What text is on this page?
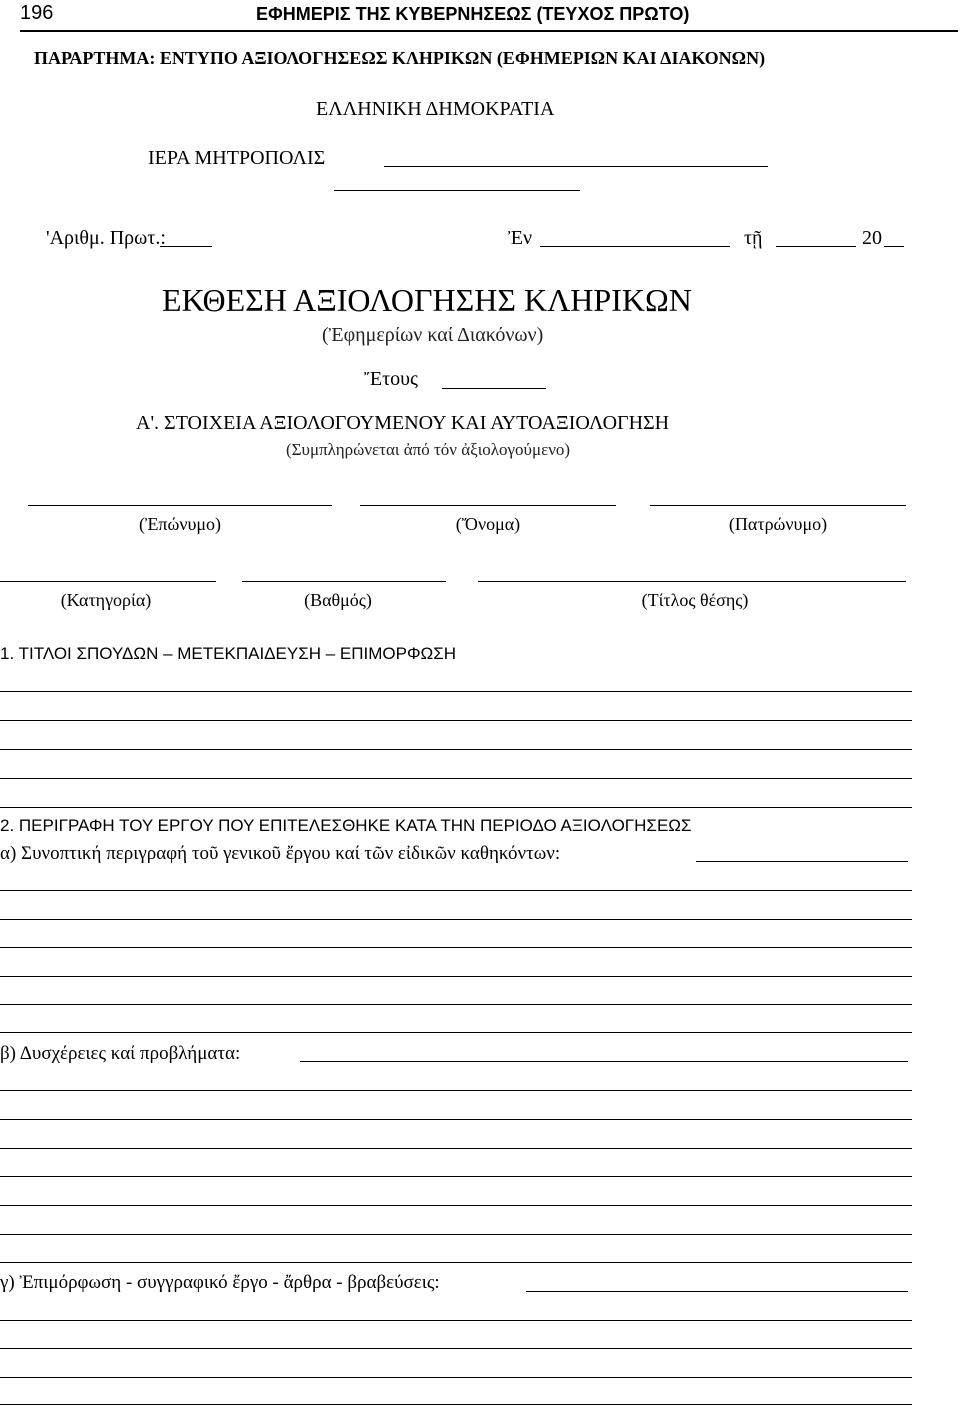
196	ΕΦΗΜΕΡΙΣ ΤΗΣ ΚΥΒΕΡΝΗΣΕΩΣ (ΤΕΥΧΟΣ ΠΡΩΤΟ)
ΠΑΡΑΡΤΗΜΑ: ΕΝΤΥΠΟ ΑΞΙΟΛΟΓΗΣΕΩΣ ΚΛΗΡΙΚΩΝ (ΕΦΗΜΕΡΙΩΝ ΚΑΙ ΔΙΑΚΟΝΩΝ)
ΕΛΛΗΝΙΚΗ ΔΗΜΟΚΡΑΤΙΑ
ΙΕΡΑ ΜΗΤΡΟΠΟΛΙΣ
'Αριθμ. Πρωτ.:	Ἐν	τῇ	20
ΕΚΘΕΣΗ ΑΞΙΟΛΟΓΗΣΗΣ ΚΛΗΡΙΚΩΝ
(Ἐφημερίων καί Διακόνων)
Ἔτους
Α'. ΣΤΟΙΧΕΙΑ ΑΞΙΟΛΟΓΟΥΜΕΝΟΥ ΚΑΙ ΑΥΤΟΑΞΙΟΛΟΓΗΣΗ
(Συμπληρώνεται ἀπό τόν ἀξιολογούμενο)
(Ἐπώνυμο)	(Ὄνομα)	(Πατρώνυμο)
(Κατηγορία)	(Βαθμός)	(Τίτλος θέσης)
1. ΤΙΤΛΟΙ ΣΠΟΥΔΩΝ – ΜΕΤΕΚΠΑΙΔΕΥΣΗ – ΕΠΙΜΟΡΦΩΣΗ
2. ΠΕΡΙΓΡΑΦΗ ΤΟΥ ΕΡΓΟΥ ΠΟΥ ΕΠΙΤΕΛΕΣΘΗΚΕ ΚΑΤΑ ΤΗΝ ΠΕΡΙΟΔΟ ΑΞΙΟΛΟΓΗΣΕΩΣ
α) Συνοπτική περιγραφή τοῦ γενικοῦ ἔργου καί τῶν εἰδικῶν καθηκόντων:
β) Δυσχέρειες καί προβλήματα:
γ) Ἐπιμόρφωση - συγγραφικό ἔργο - ἄρθρα - βραβεύσεις:
